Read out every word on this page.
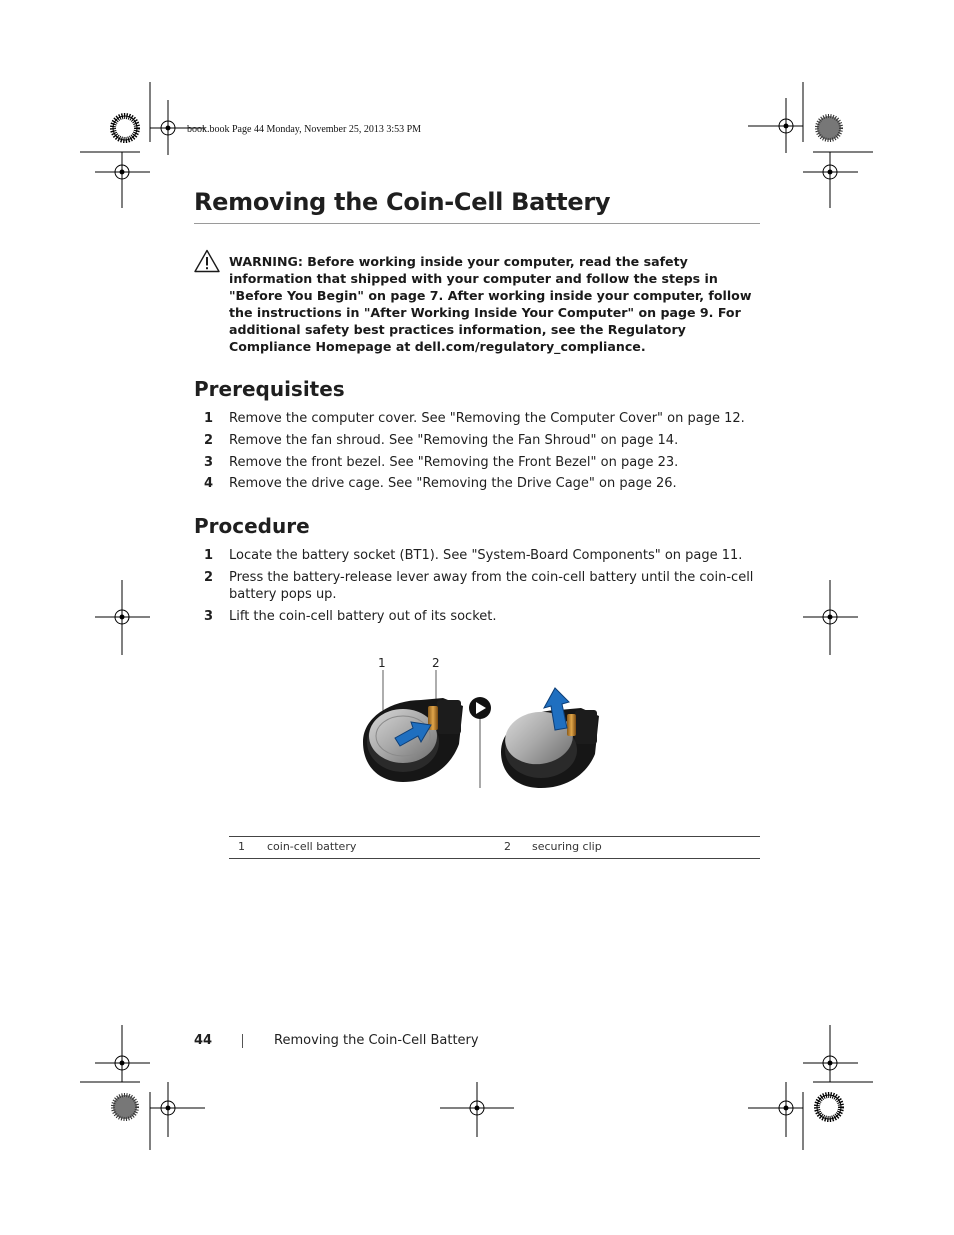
book.book Page 44 Monday, November 25, 2013 3:53 PM
Removing the Coin-Cell Battery
WARNING: Before working inside your computer, read the safety information that shipped with your computer and follow the steps in "Before You Begin" on page 7. After working inside your computer, follow the instructions in "After Working Inside Your Computer" on page 9. For additional safety best practices information, see the Regulatory Compliance Homepage at dell.com/regulatory_compliance.
Prerequisites
1 Remove the computer cover. See "Removing the Computer Cover" on page 12.
2 Remove the fan shroud. See "Removing the Fan Shroud" on page 14.
3 Remove the front bezel. See "Removing the Front Bezel" on page 23.
4 Remove the drive cage. See "Removing the Drive Cage" on page 26.
Procedure
1 Locate the battery socket (BT1). See "System-Board Components" on page 11.
2 Press the battery-release lever away from the coin-cell battery until the coin-cell battery pops up.
3 Lift the coin-cell battery out of its socket.
1	2
1 coin-cell battery	2 securing clip
44	Removing the Coin-Cell Battery
